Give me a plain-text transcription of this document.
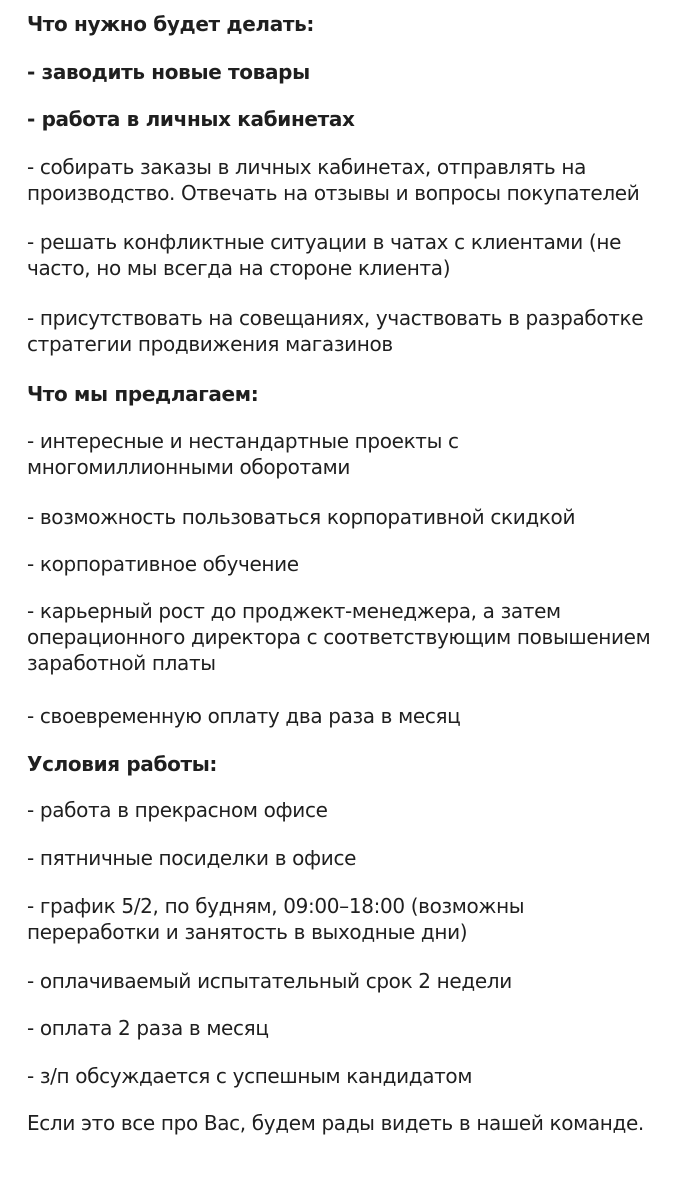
Что нужно будет делать:

- заводить новые товары

- работа в личных кабинетах

- собирать заказы в личных кабинетах, отправлять на

производство. Отвечать на отзывы и вопросы покупателей

- решать конфликтные ситуации в чатах с клиентами (не

часто, но мы всегда на стороне клиента)

- присутствовать на совещаниях, участвовать в разработке

стратегии продвижения магазинов

Что мы предлагаем:

- интересные и нестандартные проекты с

многомиллионными оборотами

- возможность пользоваться корпоративной скидкой

- корпоративное обучение

- карьерный рост до проджект-менеджера, а затем

операционного директора с соответствующим повышением

заработной платы

- своевременную оплату два раза в месяц

Условия работы:

- работа в прекрасном офисе

- пятничные посиделки в офисе

- график 5/2, по будням, 09:00–18:00 (возможны

переработки и занятость в выходные дни)

- оплачиваемый испытательный срок 2 недели

- оплата 2 раза в месяц

- з/п обсуждается с успешным кандидатом

Если это все про Вас, будем рады видеть в нашей команде.
